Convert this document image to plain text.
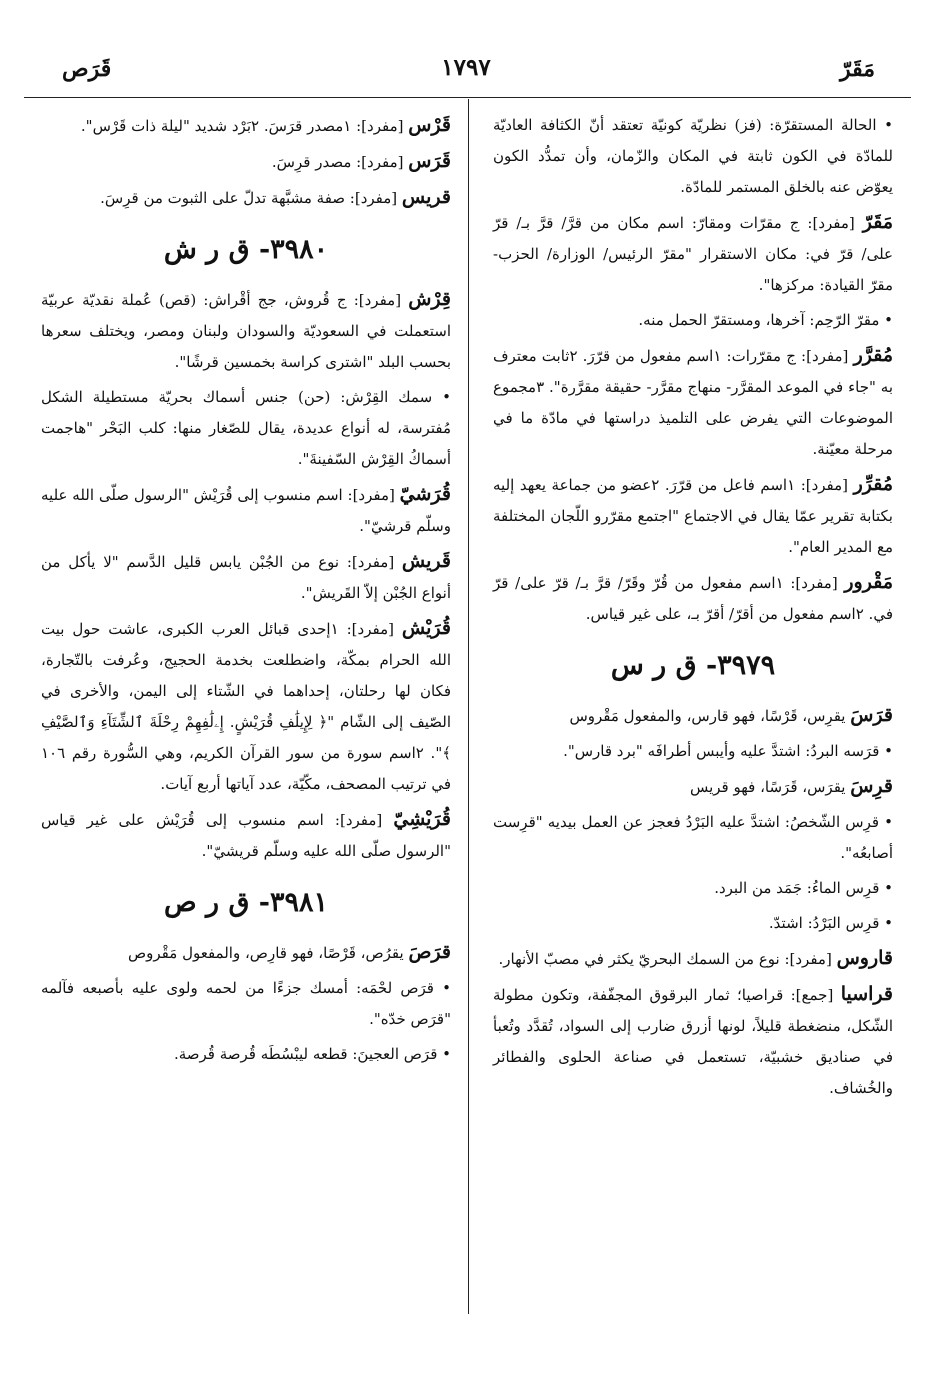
مَقَرّ
١٧٩٧
قَرَص
• الحالة المستقرّة: (فز) نظريّة كونيّة تعتقد أنّ الكثافة العاديّة للمادّة في الكون ثابتة في المكان والزّمان، وأن تمدُّد الكون يعوّض عنه بالخلق المستمر للمادّة.
مَقَرّ [مفرد]: ج مقرّات ومقارّ: اسم مكان من قرَّ/ قرَّ بـ/ قرّ على/ قرّ في: مكان الاستقرار "مقرّ الرئيس/ الوزارة/ الحزب- مقرّ القيادة: مركزها".
• مقرّ الرّحِم: آخرها، ومستقرّ الحمل منه.
مُقرَّر [مفرد]: ج مقرّرات: ١اسم مفعول من قرّرَ. ٢ثابت معترف به "جاء في الموعد المقرَّر- منهاج مقرَّر- حقيقة مقرَّرة". ٣مجموع الموضوعات التي يفرض على التلميذ دراستها في مادّة ما في مرحلة معيّنة.
مُقرِّر [مفرد]: ١اسم فاعل من قرّرَ. ٢عضو من جماعة يعهد إليه بكتابة تقرير عمّا يقال في الاجتماع "اجتمع مقرّرو اللّجان المختلفة مع المدير العام".
مَقْرور [مفرد]: ١اسم مفعول من قُرّ وقَرّ/ قرَّ بـ/ قرّ على/ قرّ في. ٢اسم مفعول من أقرّ/ أقرّ بـ، على غير قياس.
٣٩٧٩- ق ر س
قرَسَ يقرِس، قَرْسًا، فهو قارس، والمفعول مَقْروس
• قرَسه البردُ: اشتدَّ عليه وأيبس أطرافَه "برد قارس".
قرِسَ يقرَس، قَرَسًا، فهو قريس
• قرِس الشّخصُ: اشتدَّ عليه البَرْدُ فعجز عن العمل بيديه "قرِست أصابعُه".
• قرِس الماءُ: جَمَد من البرد.
• قرِس البَرْدُ: اشتدّ.
قاروس [مفرد]: نوع من السمك البحريّ يكثر في مصبّ الأنهار.
قراسيا [جمع]: قراصيا؛ ثمار البرقوق المجفّفة، وتكون مطولة الشّكل، منضغطة قليلاً، لونها أزرق ضارب إلى السواد، تُقدَّد وتُعبأ في صناديق خشبيّة، تستعمل في صناعة الحلوى والفطائر والخُشاف.
قَرْس [مفرد]: ١مصدر قرَسَ. ٢بَرْد شديد "ليلة ذات قَرْس".
قَرَس [مفرد]: مصدر قرِسَ.
قريس [مفرد]: صفة مشبَّهة تدلّ على الثبوت من قرِسَ.
٣٩٨٠- ق ر ش
قِرْش [مفرد]: ج قُروش، جج أقْراش: (قص) عُملة نقديّة عربيّة استعملت في السعوديّة والسودان ولبنان ومصر، ويختلف سعرها بحسب البلد "اشترى كراسة بخمسين قرشًا".
• سمك القِرْش: (حن) جنس أسماك بحريّة مستطيلة الشكل مُفترسة، له أنواع عديدة، يقال للصّغار منها: كلب البَحْر "هاجمت أسماكُ القِرْش السّفينةَ".
قُرَشيّ [مفرد]: اسم منسوب إلى قُرَيْش "الرسول صلّى الله عليه وسلّم قرشيّ".
قَريش [مفرد]: نوع من الجُبْن يابس قليل الدَّسم "لا يأكل من أنواع الجُبْن إلاّ القَريش".
قُرَيْش [مفرد]: ١إحدى قبائل العرب الكبرى، عاشت حول بيت الله الحرام بمكّة، واضطلعت بخدمة الحجيج، وعُرفت بالتّجارة، فكان لها رحلتان، إحداهما في الشّتاء إلى اليمن، والأخرى في الصّيف إلى الشّام "﴿ لِإِيلَٰفِ قُرَيْشٍ. إِۦلَٰفِهِمْ رِحْلَةَ ٱلشِّتَآءِ وَٱلصَّيْفِ ﴾". ٢اسم سورة من سور القرآن الكريم، وهي السُّورة رقم ١٠٦ في ترتيب المصحف، مكّيّة، عدد آياتها أربع آيات.
قُرَيْشِيّ [مفرد]: اسم منسوب إلى قُرَيْش على غير قياس "الرسول صلّى الله عليه وسلّم قريشيّ".
٣٩٨١- ق ر ص
قرَصَ يقرُص، قَرْصًا، فهو قارِص، والمفعول مَقْروص
• قرَص لحْمَه: أمسك جزءًا من لحمه ولوى عليه بأصبعه فآلمه "قرَص خدّه".
• قرَص العجينَ: قطعه ليبْسُطَه قُرصة قُرصة.
